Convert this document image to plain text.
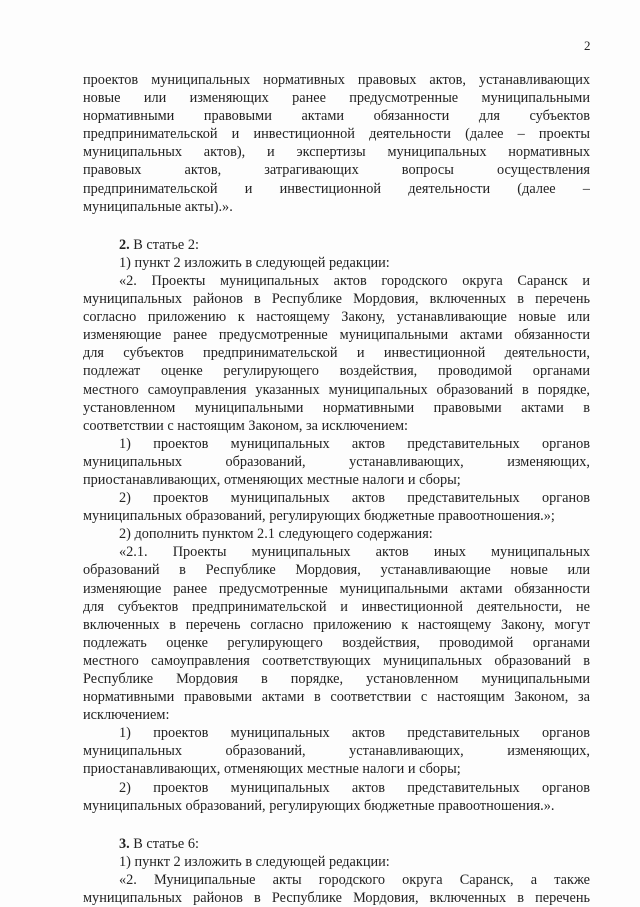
2
проектов муниципальных нормативных правовых актов, устанавливающих
новые или изменяющих ранее предусмотренные муниципальными
нормативными правовыми актами обязанности для субъектов
предпринимательской и инвестиционной деятельности (далее – проекты
муниципальных актов), и экспертизы муниципальных нормативных
правовых актов, затрагивающих вопросы осуществления
предпринимательской и инвестиционной деятельности (далее –
муниципальные акты).».
2. В статье 2:
1) пункт 2 изложить в следующей редакции:
«2. Проекты муниципальных актов городского округа Саранск и
муниципальных районов в Республике Мордовия, включенных в перечень
согласно приложению к настоящему Закону, устанавливающие новые или
изменяющие ранее предусмотренные муниципальными актами обязанности
для субъектов предпринимательской и инвестиционной деятельности,
подлежат оценке регулирующего воздействия, проводимой органами
местного самоуправления указанных муниципальных образований в порядке,
установленном муниципальными нормативными правовыми актами в
соответствии с настоящим Законом, за исключением:
1) проектов муниципальных актов представительных органов
муниципальных образований, устанавливающих, изменяющих,
приостанавливающих, отменяющих местные налоги и сборы;
2) проектов муниципальных актов представительных органов
муниципальных образований, регулирующих бюджетные правоотношения.»;
2) дополнить пунктом 2.1 следующего содержания:
«2.1. Проекты муниципальных актов иных муниципальных
образований в Республике Мордовия, устанавливающие новые или
изменяющие ранее предусмотренные муниципальными актами обязанности
для субъектов предпринимательской и инвестиционной деятельности, не
включенных в перечень согласно приложению к настоящему Закону, могут
подлежать оценке регулирующего воздействия, проводимой органами
местного самоуправления соответствующих муниципальных образований в
Республике Мордовия в порядке, установленном муниципальными
нормативными правовыми актами в соответствии с настоящим Законом, за
исключением:
1) проектов муниципальных актов представительных органов
муниципальных образований, устанавливающих, изменяющих,
приостанавливающих, отменяющих местные налоги и сборы;
2) проектов муниципальных актов представительных органов
муниципальных образований, регулирующих бюджетные правоотношения.».
3. В статье 6:
1) пункт 2 изложить в следующей редакции:
«2. Муниципальные акты городского округа Саранск, а также
муниципальных районов в Республике Мордовия, включенных в перечень
